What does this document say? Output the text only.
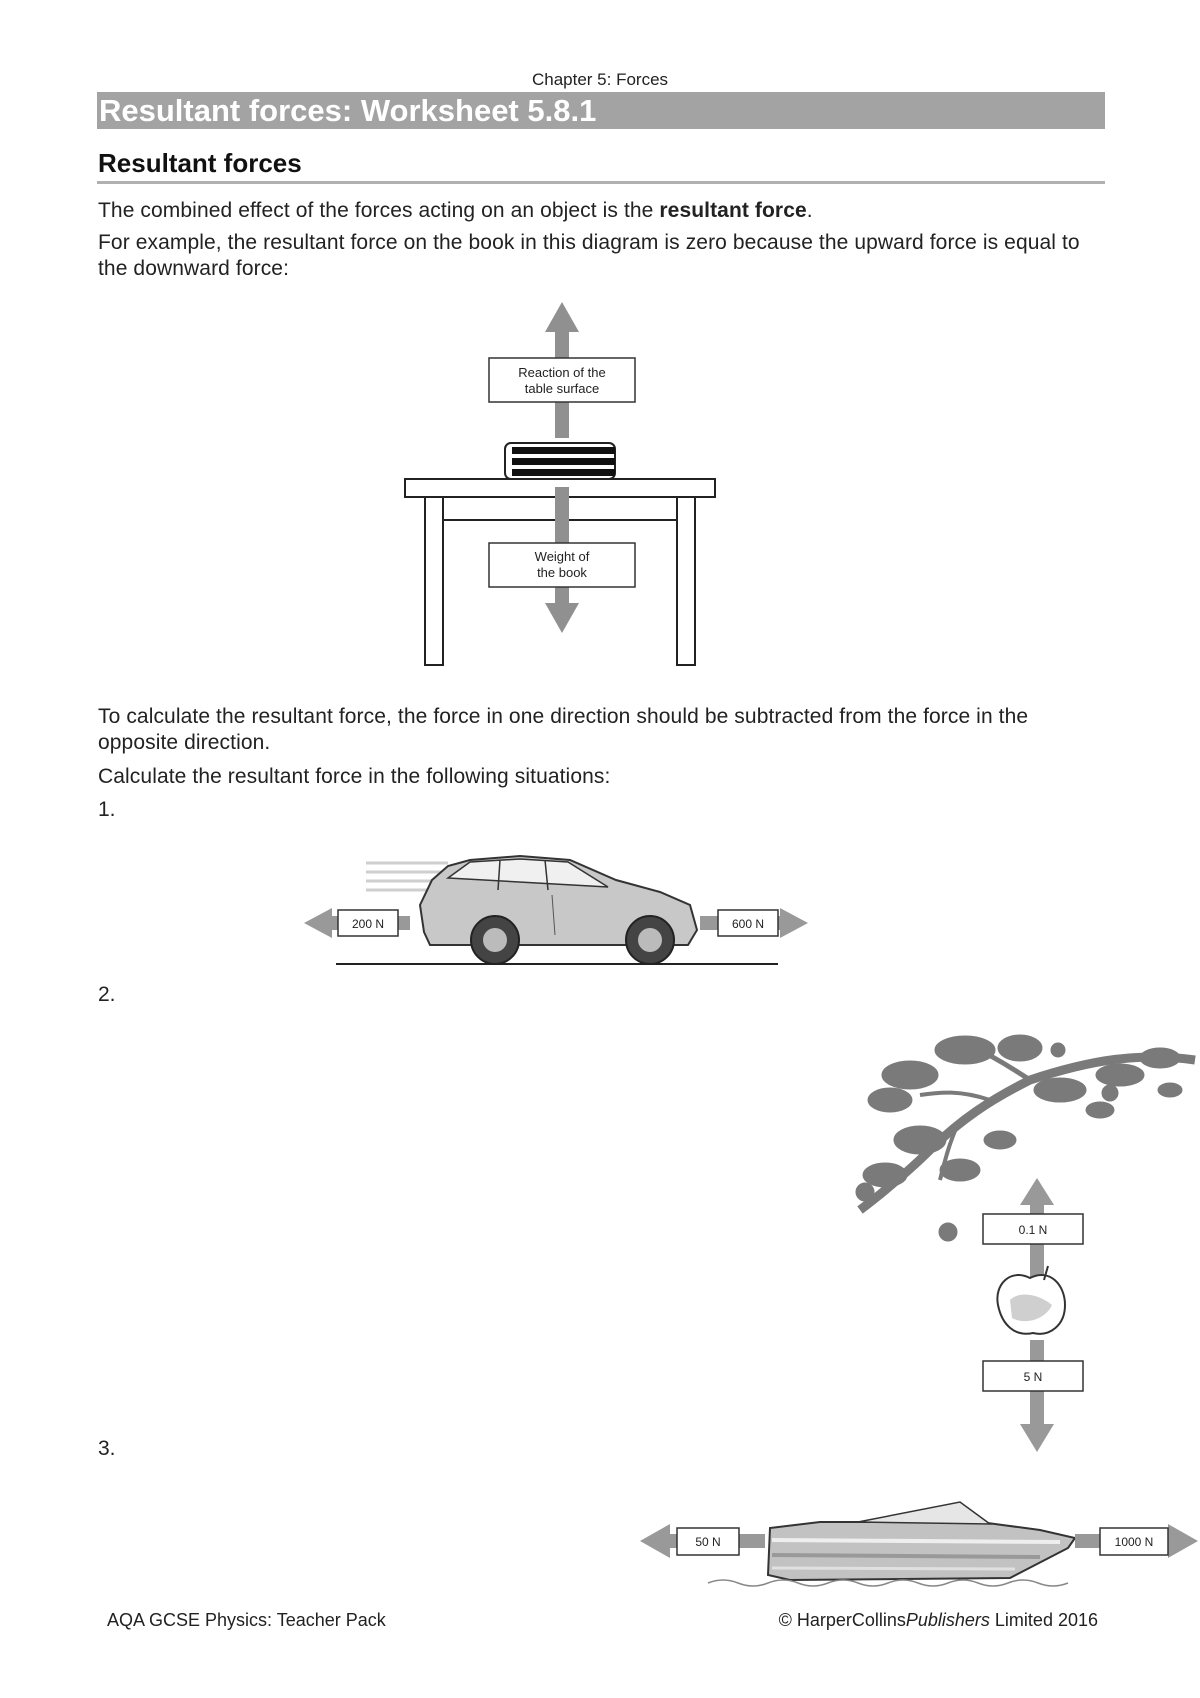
Chapter 5: Forces
Resultant forces: Worksheet 5.8.1
Resultant forces
The combined effect of the forces acting on an object is the resultant force.
For example, the resultant force on the book in this diagram is zero because the upward force is equal to the downward force:
Reaction of the
table surface
Weight of
the book
To calculate the resultant force, the force in one direction should be subtracted from the force in the opposite direction.
Calculate the resultant force in the following situations:
1.
200 N	600 N
2.
0.1 N
5 N
3.
50 N	1000 N
AQA GCSE Physics: Teacher Pack	© HarperCollinsPublishers Limited 2016
